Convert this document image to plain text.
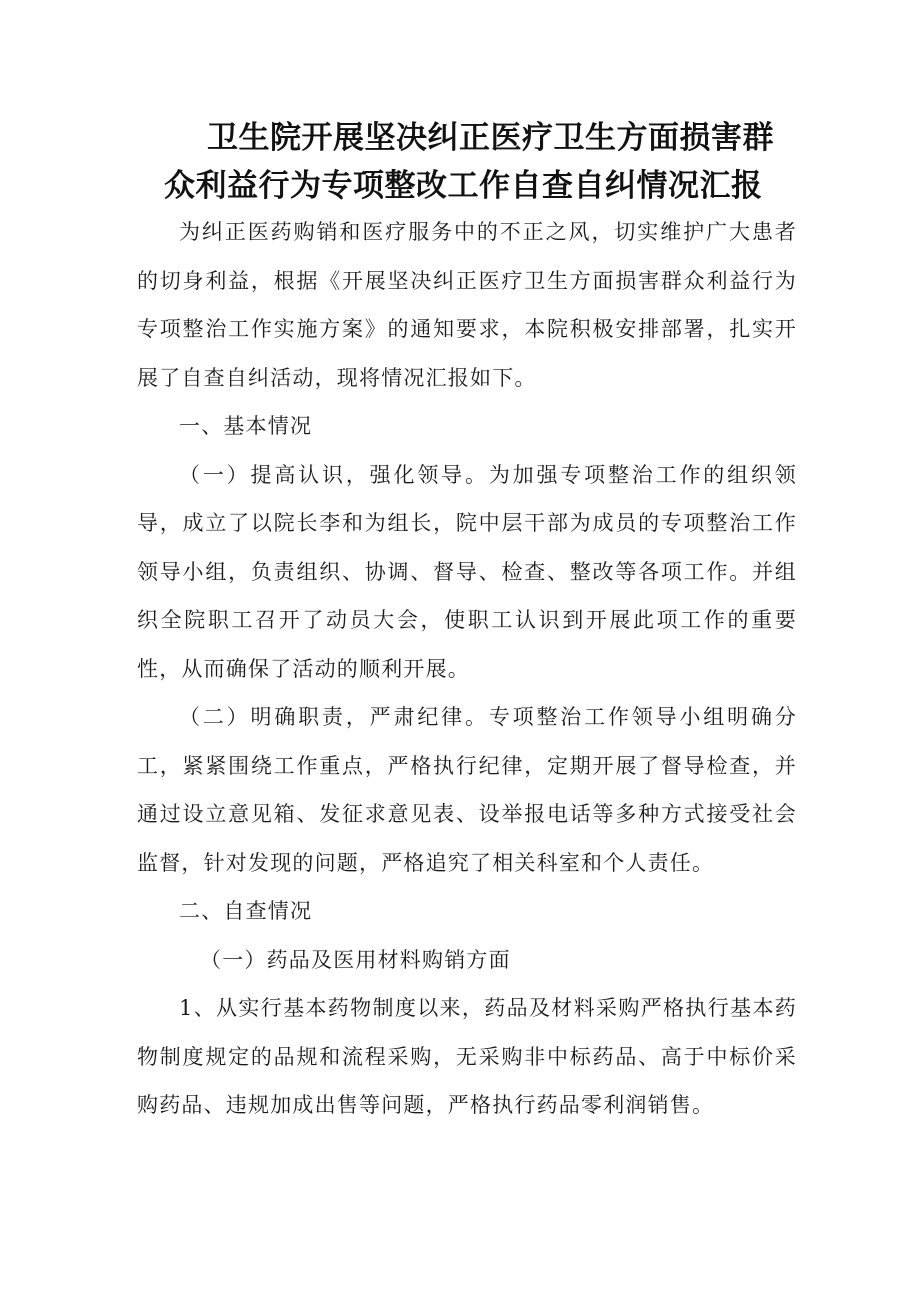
卫生院开展坚决纠正医疗卫生方面损害群
众利益行为专项整改工作自查自纠情况汇报

为纠正医药购销和医疗服务中的不正之风，切实维护广大患者的切身利益，根据《开展坚决纠正医疗卫生方面损害群众利益行为专项整治工作实施方案》的通知要求，本院积极安排部署，扎实开展了自查自纠活动，现将情况汇报如下。

一、基本情况

（一）提高认识，强化领导。为加强专项整治工作的组织领导，成立了以院长李和为组长，院中层干部为成员的专项整治工作领导小组，负责组织、协调、督导、检查、整改等各项工作。并组织全院职工召开了动员大会，使职工认识到开展此项工作的重要性，从而确保了活动的顺利开展。

（二）明确职责，严肃纪律。专项整治工作领导小组明确分工，紧紧围绕工作重点，严格执行纪律，定期开展了督导检查，并通过设立意见箱、发征求意见表、设举报电话等多种方式接受社会监督，针对发现的问题，严格追究了相关科室和个人责任。

二、自查情况

（一）药品及医用材料购销方面

1、从实行基本药物制度以来，药品及材料采购严格执行基本药物制度规定的品规和流程采购，无采购非中标药品、高于中标价采购药品、违规加成出售等问题，严格执行药品零利润销售。
